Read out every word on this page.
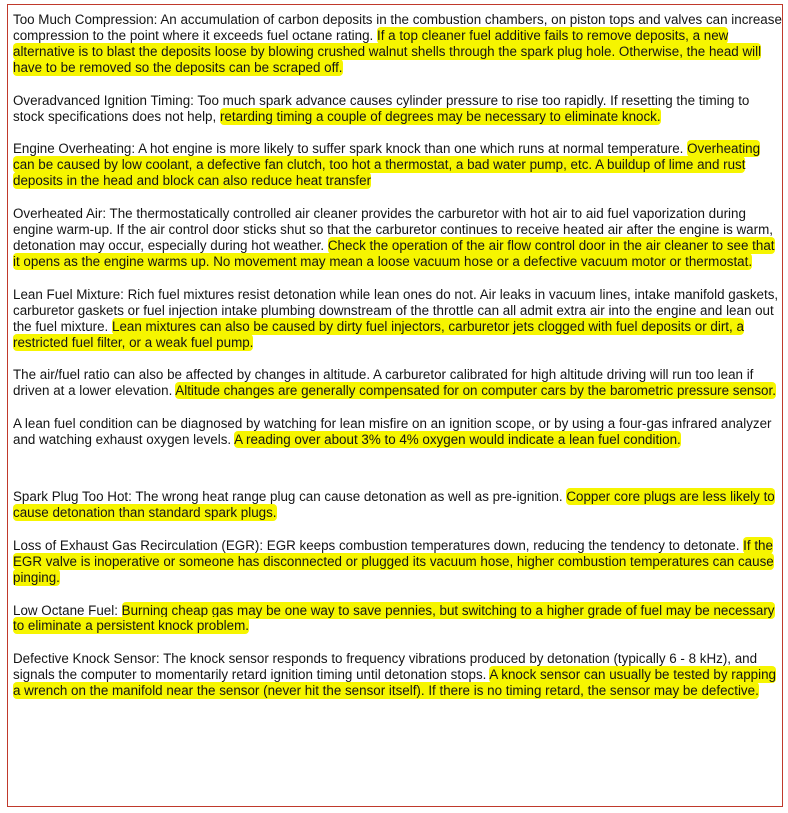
Too Much Compression: An accumulation of carbon deposits in the combustion chambers, on piston tops and valves can increase compression to the point where it exceeds fuel octane rating. If a top cleaner fuel additive fails to remove deposits, a new alternative is to blast the deposits loose by blowing crushed walnut shells through the spark plug hole. Otherwise, the head will have to be removed so the deposits can be scraped off.

Overadvanced Ignition Timing: Too much spark advance causes cylinder pressure to rise too rapidly. If resetting the timing to stock specifications does not help, retarding timing a couple of degrees may be necessary to eliminate knock.

Engine Overheating: A hot engine is more likely to suffer spark knock than one which runs at normal temperature. Overheating can be caused by low coolant, a defective fan clutch, too hot a thermostat, a bad water pump, etc. A buildup of lime and rust deposits in the head and block can also reduce heat transfer

Overheated Air: The thermostatically controlled air cleaner provides the carburetor with hot air to aid fuel vaporization during engine warm-up. If the air control door sticks shut so that the carburetor continues to receive heated air after the engine is warm, detonation may occur, especially during hot weather. Check the operation of the air flow control door in the air cleaner to see that it opens as the engine warms up. No movement may mean a loose vacuum hose or a defective vacuum motor or thermostat.

Lean Fuel Mixture: Rich fuel mixtures resist detonation while lean ones do not. Air leaks in vacuum lines, intake manifold gaskets, carburetor gaskets or fuel injection intake plumbing downstream of the throttle can all admit extra air into the engine and lean out the fuel mixture. Lean mixtures can also be caused by dirty fuel injectors, carburetor jets clogged with fuel deposits or dirt, a restricted fuel filter, or a weak fuel pump.

The air/fuel ratio can also be affected by changes in altitude. A carburetor calibrated for high altitude driving will run too lean if driven at a lower elevation. Altitude changes are generally compensated for on computer cars by the barometric pressure sensor.

A lean fuel condition can be diagnosed by watching for lean misfire on an ignition scope, or by using a four-gas infrared analyzer and watching exhaust oxygen levels. A reading over about 3% to 4% oxygen would indicate a lean fuel condition.

Spark Plug Too Hot: The wrong heat range plug can cause detonation as well as pre-ignition. Copper core plugs are less likely to cause detonation than standard spark plugs.

Loss of Exhaust Gas Recirculation (EGR): EGR keeps combustion temperatures down, reducing the tendency to detonate. If the EGR valve is inoperative or someone has disconnected or plugged its vacuum hose, higher combustion temperatures can cause pinging.

Low Octane Fuel: Burning cheap gas may be one way to save pennies, but switching to a higher grade of fuel may be necessary to eliminate a persistent knock problem.

Defective Knock Sensor: The knock sensor responds to frequency vibrations produced by detonation (typically 6 - 8 kHz), and signals the computer to momentarily retard ignition timing until detonation stops. A knock sensor can usually be tested by rapping a wrench on the manifold near the sensor (never hit the sensor itself). If there is no timing retard, the sensor may be defective.
